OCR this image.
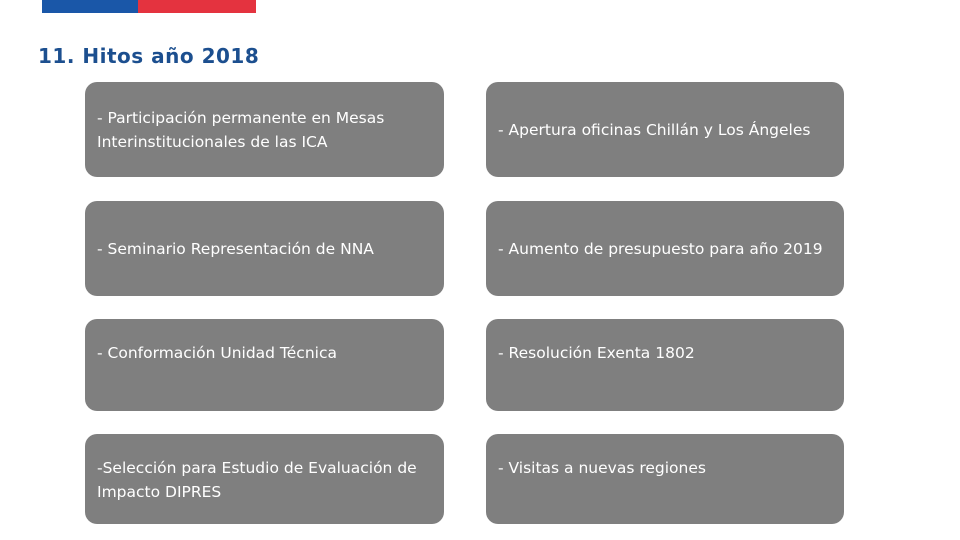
11. Hitos año 2018
- Participación permanente en Mesas Interinstitucionales de las ICA
- Apertura oficinas Chillán y Los Ángeles
- Seminario Representación de NNA	- Aumento de presupuesto para año 2019
- Conformación Unidad Técnica	- Resolución Exenta 1802
-Selección para Estudio de Evaluación de Impacto DIPRES
- Visitas a nuevas regiones
